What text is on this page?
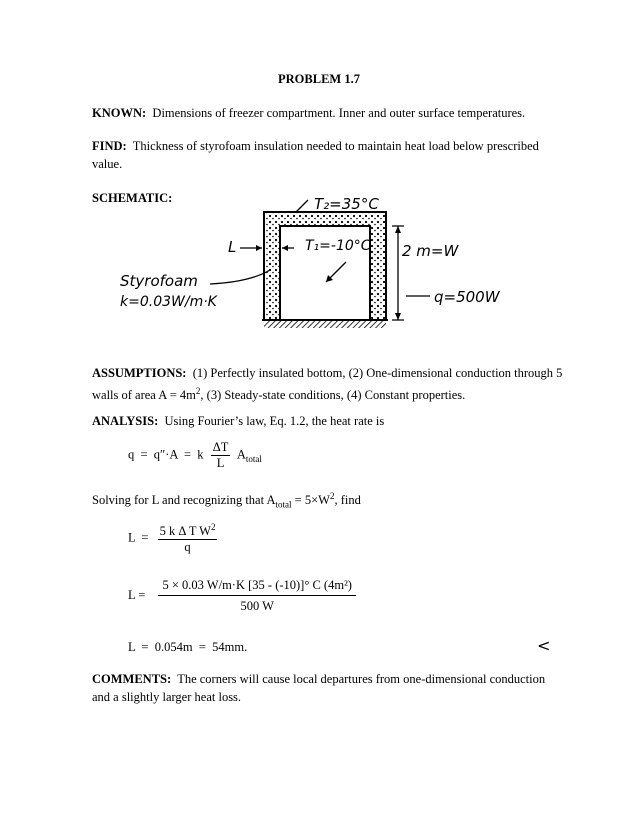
PROBLEM 1.7

KNOWN: Dimensions of freezer compartment. Inner and outer surface temperatures.

FIND: Thickness of styrofoam insulation needed to maintain heat load below prescribed value.

SCHEMATIC:	T₂=35°C
T₁=-10°C
L	2 m=W
q=500W
Styrofoam
k=0.03W/m·K

ASSUMPTIONS: (1) Perfectly insulated bottom, (2) One-dimensional conduction through 5 walls of area $A = 4m^2$, (3) Steady-state conditions, (4) Constant properties.

ANALYSIS: Using Fourier’s law, Eq. 1.2, the heat rate is

q  =  q″·A  =  k $\frac{\Delta T}{L} A_{total}$

Solving for L and recognizing that $A_{total} = 5\times W^2$, find

$L = \frac{5 k \Delta T W^2}{q}$
$L = \frac{\text{5 × 0.03 W/m·K [35 - (-10)]° C (4m²)}}{500 W}$
L  =  0.054m  =  54mm.	<

COMMENTS: The corners will cause local departures from one-dimensional conduction and a slightly larger heat loss.
